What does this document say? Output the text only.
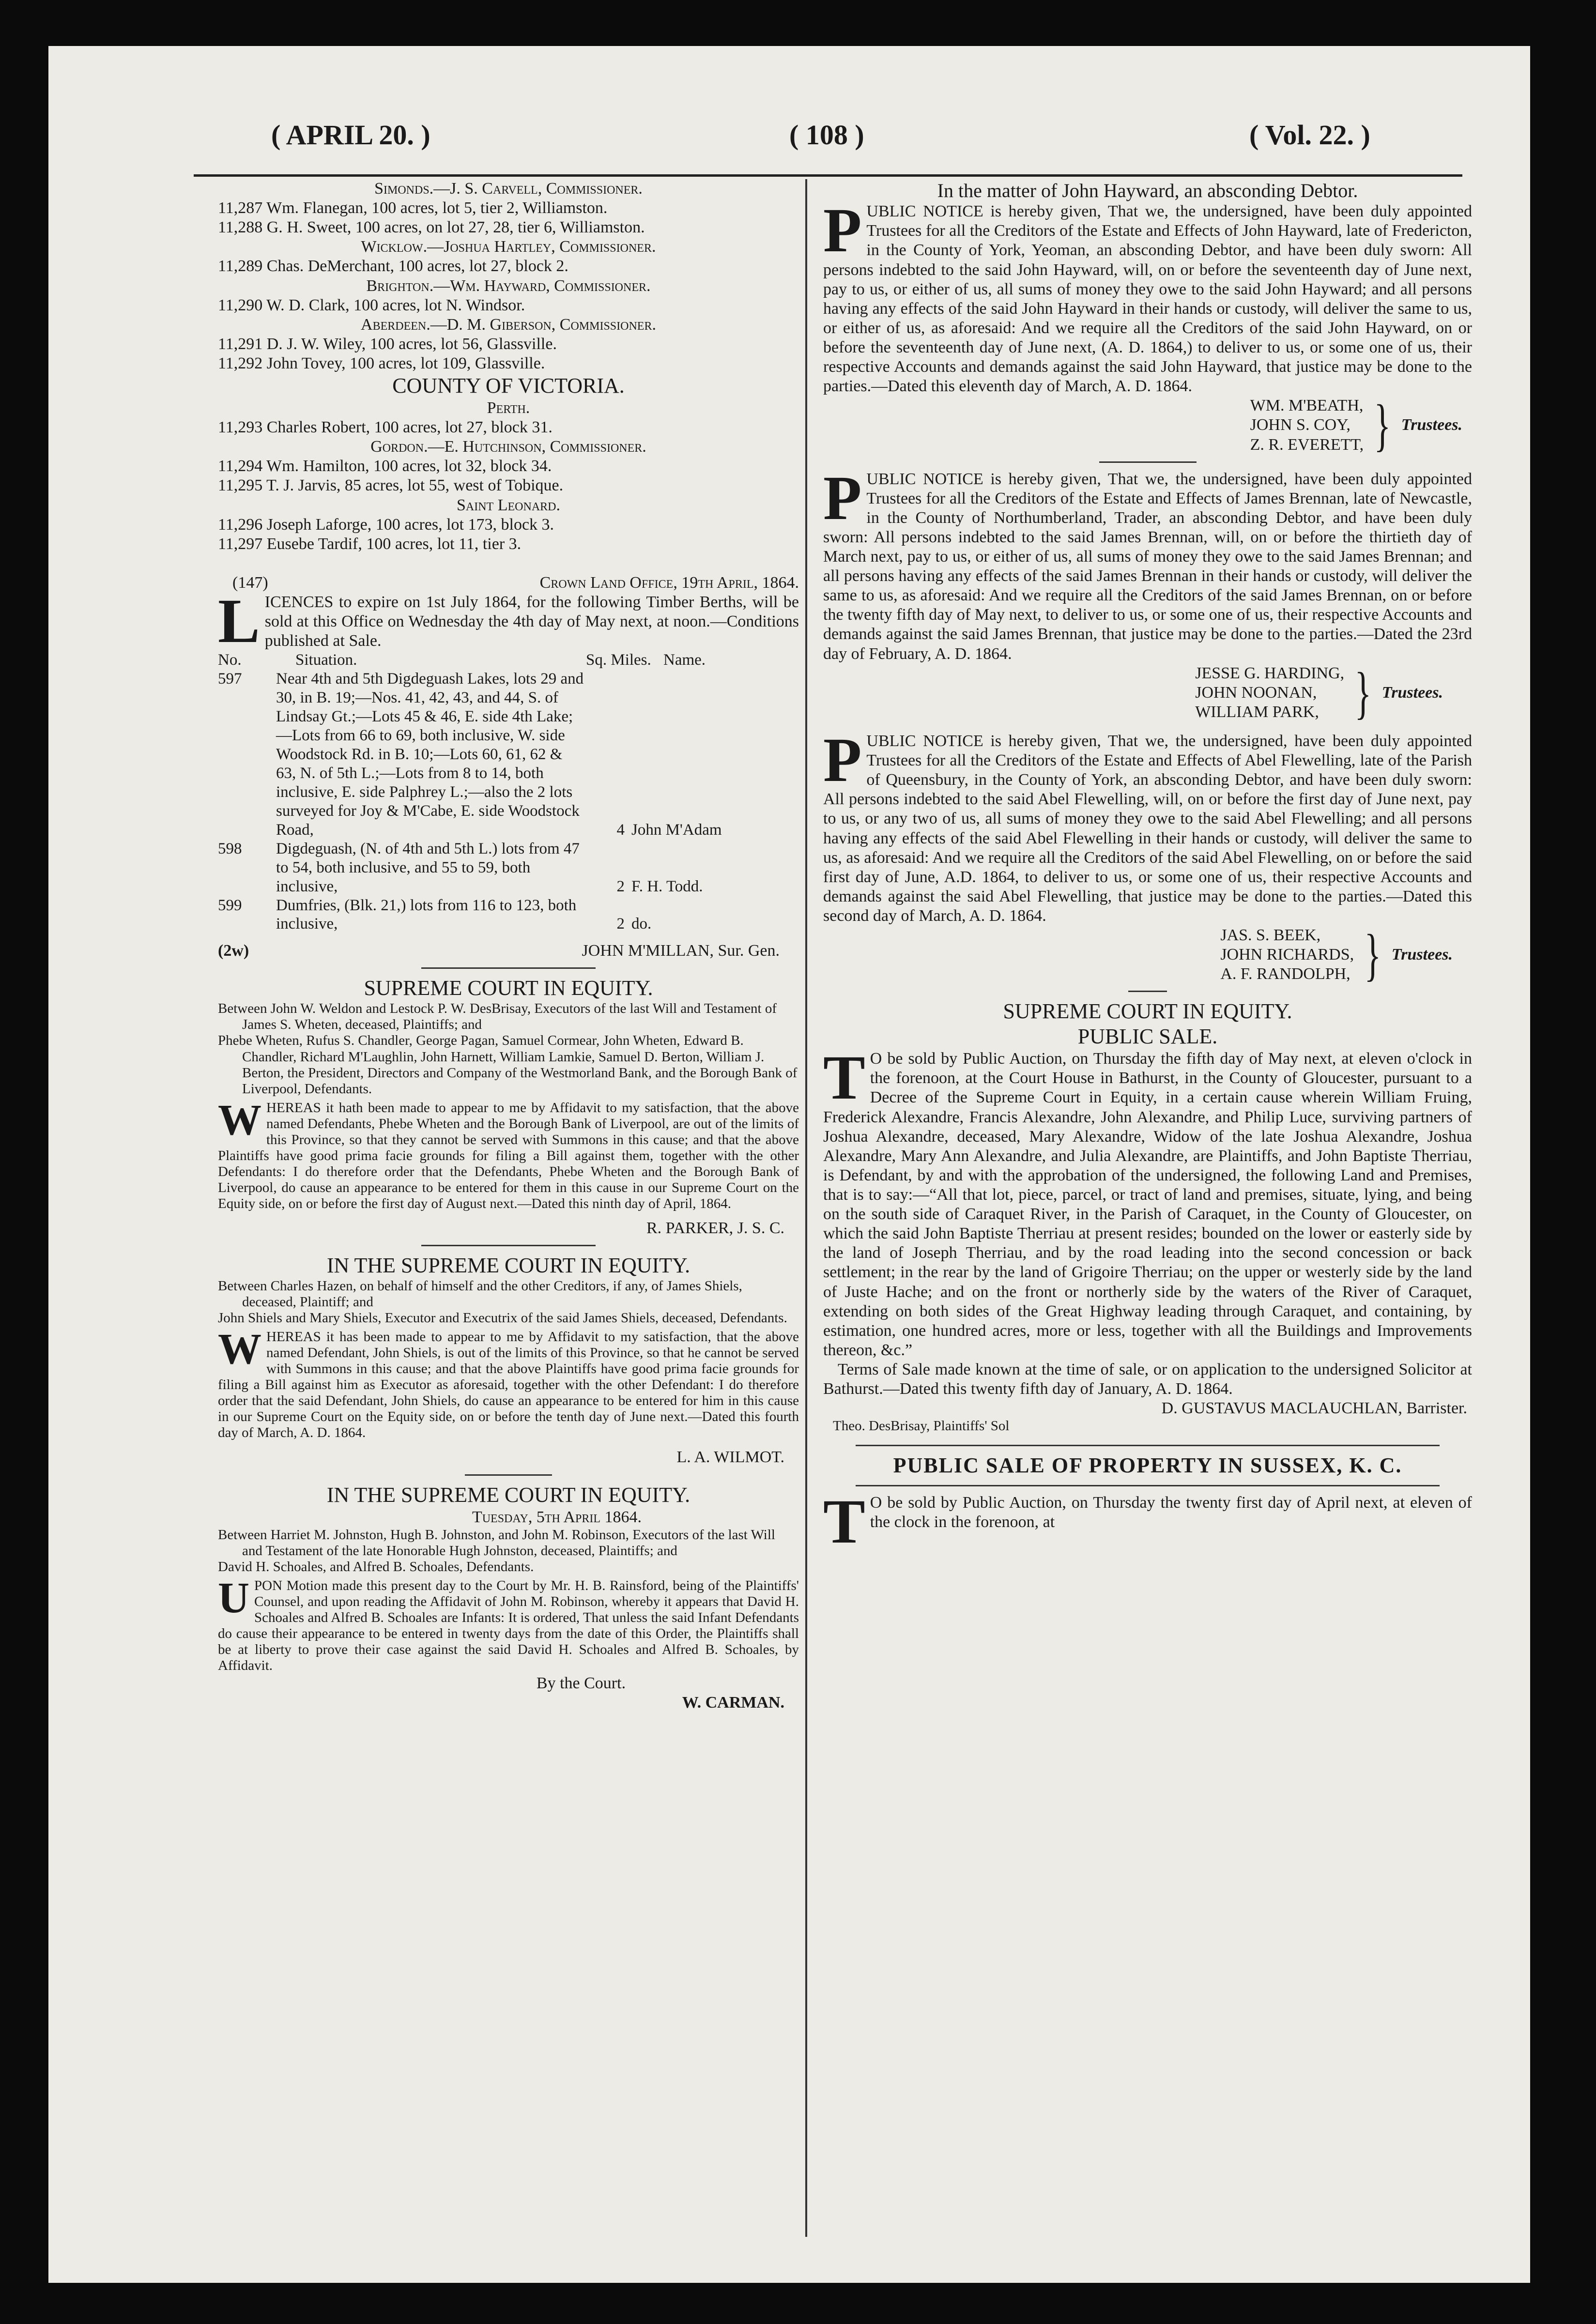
( APRIL 20. )	( 108 )	( Vol. 22. )
Simonds.—J. S. Carvell, Commissioner.
11,287 Wm. Flanegan, 100 acres, lot 5, tier 2, Williamston.
11,288 G. H. Sweet, 100 acres, on lot 27, 28, tier 6, Williamston.
Wicklow.—Joshua Hartley, Commissioner.
11,289 Chas. DeMerchant, 100 acres, lot 27, block 2.
Brighton.—Wm. Hayward, Commissioner.
11,290 W. D. Clark, 100 acres, lot N. Windsor.
Aberdeen.—D. M. Giberson, Commissioner.
11,291 D. J. W. Wiley, 100 acres, lot 56, Glassville.
11,292 John Tovey, 100 acres, lot 109, Glassville.
COUNTY OF VICTORIA.
Perth.
11,293 Charles Robert, 100 acres, lot 27, block 31.
Gordon.—E. Hutchinson, Commissioner.
11,294 Wm. Hamilton, 100 acres, lot 32, block 34.
11,295 T. J. Jarvis, 85 acres, lot 55, west of Tobique.
Saint Leonard.
11,296 Joseph Laforge, 100 acres, lot 173, block 3.
11,297 Eusebe Tardif, 100 acres, lot 11, tier 3.
(147)	Crown Land Office, 19th April, 1864.
L ICENCES to expire on 1st July 1864, for the following Timber Berths, will be sold at this Office on Wednesday the 4th day of May next, at noon.—Conditions published at Sale.
No.	Situation.	Sq. Miles.	Name.
597	Near 4th and 5th Digdeguash Lakes, lots 29 and 30, in B. 19;—Nos. 41, 42, 43, and 44, S. of Lindsay Gt.;—Lots 45 & 46, E. side 4th Lake;—Lots from 66 to 69, both inclusive, W. side Woodstock Rd. in B. 10;—Lots 60, 61, 62 & 63, N. of 5th L.;—Lots from 8 to 14, both inclusive, E. side Palphrey L.;—also the 2 lots surveyed for Joy & M'Cabe, E. side Woodstock Road,	4	John M'Adam
598	Digdeguash, (N. of 4th and 5th L.) lots from 47 to 54, both inclusive, and 55 to 59, both inclusive,	2	F. H. Todd.
599	Dumfries, (Blk. 21,) lots from 116 to 123, both inclusive,	2	do.
(2w)	JOHN M'MILLAN, Sur. Gen.
SUPREME COURT IN EQUITY.
Between John W. Weldon and Lestock P. W. DesBrisay, Executors of the last Will and Testament of James S. Wheten, deceased, Plaintiffs; and
Phebe Wheten, Rufus S. Chandler, George Pagan, Samuel Cormear, John Wheten, Edward B. Chandler, Richard M'Laughlin, John Harnett, William Lamkie, Samuel D. Berton, William J. Berton, the President, Directors and Company of the Westmorland Bank, and the Borough Bank of Liverpool, Defendants.
W HEREAS it hath been made to appear to me by Affidavit to my satisfaction, that the above named Defendants, Phebe Wheten and the Borough Bank of Liverpool, are out of the limits of this Province, so that they cannot be served with Summons in this cause; and that the above Plaintiffs have good prima facie grounds for filing a Bill against them, together with the other Defendants: I do therefore order that the Defendants, Phebe Wheten and the Borough Bank of Liverpool, do cause an appearance to be entered for them in this cause in our Supreme Court on the Equity side, on or before the first day of August next.—Dated this ninth day of April, 1864.
R. PARKER, J. S. C.
IN THE SUPREME COURT IN EQUITY.
Between Charles Hazen, on behalf of himself and the other Creditors, if any, of James Shiels, deceased, Plaintiff; and
John Shiels and Mary Shiels, Executor and Executrix of the said James Shiels, deceased, Defendants.
W HEREAS it has been made to appear to me by Affidavit to my satisfaction, that the above named Defendant, John Shiels, is out of the limits of this Province, so that he cannot be served with Summons in this cause; and that the above Plaintiffs have good prima facie grounds for filing a Bill against him as Executor as aforesaid, together with the other Defendant: I do therefore order that the said Defendant, John Shiels, do cause an appearance to be entered for him in this cause in our Supreme Court on the Equity side, on or before the tenth day of June next.—Dated this fourth day of March, A. D. 1864.
L. A. WILMOT.
IN THE SUPREME COURT IN EQUITY.
Tuesday, 5th April 1864.
Between Harriet M. Johnston, Hugh B. Johnston, and John M. Robinson, Executors of the last Will and Testament of the late Honorable Hugh Johnston, deceased, Plaintiffs; and
David H. Schoales, and Alfred B. Schoales, Defendants.
U PON Motion made this present day to the Court by Mr. H. B. Rainsford, being of the Plaintiffs' Counsel, and upon reading the Affidavit of John M. Robinson, whereby it appears that David H. Schoales and Alfred B. Schoales are Infants: It is ordered, That unless the said Infant Defendants do cause their appearance to be entered in twenty days from the date of this Order, the Plaintiffs shall be at liberty to prove their case against the said David H. Schoales and Alfred B. Schoales, by Affidavit.
By the Court.
W. CARMAN.
In the matter of John Hayward, an absconding Debtor.
P UBLIC NOTICE is hereby given, That we, the undersigned, have been duly appointed Trustees for all the Creditors of the Estate and Effects of John Hayward, late of Fredericton, in the County of York, Yeoman, an absconding Debtor, and have been duly sworn: All persons indebted to the said John Hayward, will, on or before the seventeenth day of June next, pay to us, or either of us, all sums of money they owe to the said John Hayward; and all persons having any effects of the said John Hayward in their hands or custody, will deliver the same to us, or either of us, as aforesaid: And we require all the Creditors of the said John Hayward, on or before the seventeenth day of June next, (A. D. 1864,) to deliver to us, or some one of us, their respective Accounts and demands against the said John Hayward, that justice may be done to the parties.—Dated this eleventh day of March, A. D. 1864.
WM. M'BEATH,
JOHN S. COY,
Z. R. EVERETT, } Trustees.
P UBLIC NOTICE is hereby given, That we, the undersigned, have been duly appointed Trustees for all the Creditors of the Estate and Effects of James Brennan, late of Newcastle, in the County of Northumberland, Trader, an absconding Debtor, and have been duly sworn: All persons indebted to the said James Brennan, will, on or before the thirtieth day of March next, pay to us, or either of us, all sums of money they owe to the said James Brennan; and all persons having any effects of the said James Brennan in their hands or custody, will deliver the same to us, as aforesaid: And we require all the Creditors of the said James Brennan, on or before the twenty fifth day of May next, to deliver to us, or some one of us, their respective Accounts and demands against the said James Brennan, that justice may be done to the parties.—Dated the 23rd day of February, A. D. 1864.
JESSE G. HARDING,
JOHN NOONAN,
WILLIAM PARK, } Trustees.
P UBLIC NOTICE is hereby given, That we, the undersigned, have been duly appointed Trustees for all the Creditors of the Estate and Effects of Abel Flewelling, late of the Parish of Queensbury, in the County of York, an absconding Debtor, and have been duly sworn: All persons indebted to the said Abel Flewelling, will, on or before the first day of June next, pay to us, or any two of us, all sums of money they owe to the said Abel Flewelling; and all persons having any effects of the said Abel Flewelling in their hands or custody, will deliver the same to us, as aforesaid: And we require all the Creditors of the said Abel Flewelling, on or before the said first day of June, A.D. 1864, to deliver to us, or some one of us, their respective Accounts and demands against the said Abel Flewelling, that justice may be done to the parties.—Dated this second day of March, A. D. 1864.
JAS. S. BEEK,
JOHN RICHARDS,
A. F. RANDOLPH, } Trustees.
SUPREME COURT IN EQUITY.
PUBLIC SALE.
T O be sold by Public Auction, on Thursday the fifth day of May next, at eleven o'clock in the forenoon, at the Court House in Bathurst, in the County of Gloucester, pursuant to a Decree of the Supreme Court in Equity, in a certain cause wherein William Fruing, Frederick Alexandre, Francis Alexandre, John Alexandre, and Philip Luce, surviving partners of Joshua Alexandre, deceased, Mary Alexandre, Widow of the late Joshua Alexandre, Joshua Alexandre, Mary Ann Alexandre, and Julia Alexandre, are Plaintiffs, and John Baptiste Therriau, is Defendant, by and with the approbation of the undersigned, the following Land and Premises, that is to say:—“All that lot, piece, parcel, or tract of land and premises, situate, lying, and being on the south side of Caraquet River, in the Parish of Caraquet, in the County of Gloucester, on which the said John Baptiste Therriau at present resides; bounded on the lower or easterly side by the land of Joseph Therriau, and by the road leading into the second concession or back settlement; in the rear by the land of Grigoire Therriau; on the upper or westerly side by the land of Juste Hache; and on the front or northerly side by the waters of the River of Caraquet, extending on both sides of the Great Highway leading through Caraquet, and containing, by estimation, one hundred acres, more or less, together with all the Buildings and Improvements thereon, &c.”
Terms of Sale made known at the time of sale, or on application to the undersigned Solicitor at Bathurst.—Dated this twenty fifth day of January, A. D. 1864.
D. GUSTAVUS MACLAUCHLAN, Barrister.
Theo. DesBrisay, Plaintiffs' Sol
PUBLIC SALE OF PROPERTY IN SUSSEX, K. C.
T O be sold by Public Auction, on Thursday the twenty first day of April next, at eleven of the clock in the forenoon, at
